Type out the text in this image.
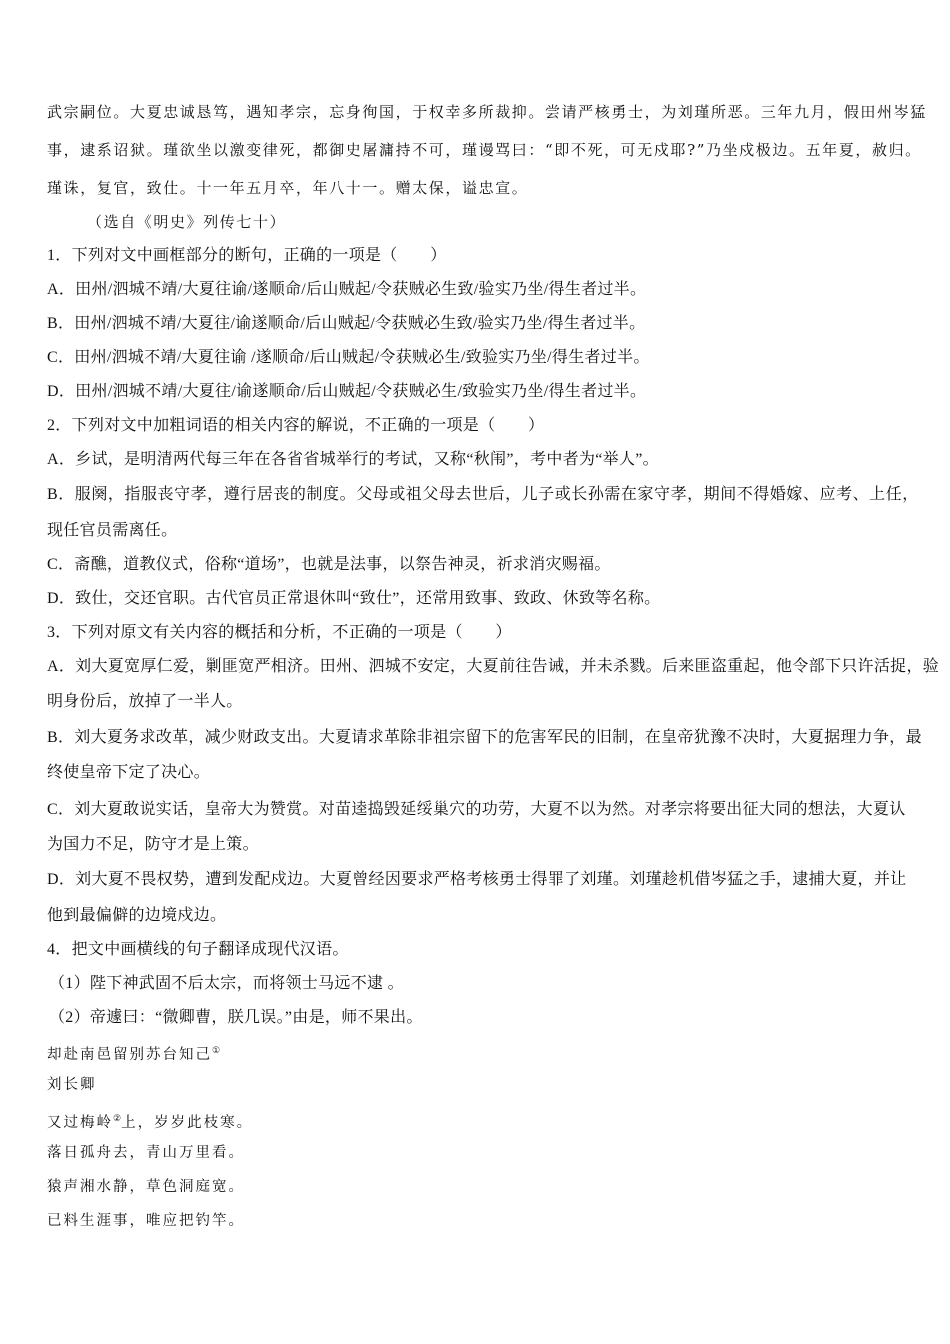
武宗嗣位。大夏忠诚恳笃，遇知孝宗，忘身徇国，于权幸多所裁抑。尝请严核勇士，为刘瑾所恶。三年九月，假田州岑猛
事，逮系诏狱。瑾欲坐以激变律死，都御史屠滽持不可，瑾谩骂曰：“即不死，可无戍耶?”乃坐戍极边。五年夏，赦归。
瑾诛，复官，致仕。十一年五月卒，年八十一。赠太保，谥忠宣。
（选自《明史》列传七十）
1．下列对文中画框部分的断句，正确的一项是（　　）
A．田州/泗城不靖/大夏往谕/遂顺命/后山贼起/令获贼必生致/验实乃坐/得生者过半。
B．田州/泗城不靖/大夏往/谕遂顺命/后山贼起/令获贼必生致/验实乃坐/得生者过半。
C．田州/泗城不靖/大夏往谕 /遂顺命/后山贼起/令获贼必生/致验实乃坐/得生者过半。
D．田州/泗城不靖/大夏往/谕遂顺命/后山贼起/令获贼必生/致验实乃坐/得生者过半。
2．下列对文中加粗词语的相关内容的解说，不正确的一项是（　　）
A．乡试，是明清两代每三年在各省省城举行的考试，又称“秋闱”，考中者为“举人”。
B．服阕，指服丧守孝，遵行居丧的制度。父母或祖父母去世后，儿子或长孙需在家守孝，期间不得婚嫁、应考、上任，
现任官员需离任。
C．斋醮，道教仪式，俗称“道场”，也就是法事，以祭告神灵，祈求消灾赐福。
D．致仕，交还官职。古代官员正常退休叫“致仕”，还常用致事、致政、休致等名称。
3．下列对原文有关内容的概括和分析，不正确的一项是（　　）
A．刘大夏宽厚仁爱，剿匪宽严相济。田州、泗城不安定，大夏前往告诫，并未杀戮。后来匪盗重起，他令部下只许活捉，验
明身份后，放掉了一半人。
B．刘大夏务求改革，减少财政支出。大夏请求革除非祖宗留下的危害军民的旧制，在皇帝犹豫不决时，大夏据理力争，最
终使皇帝下定了决心。
C．刘大夏敢说实话，皇帝大为赞赏。对苗逵捣毁延绥巢穴的功劳，大夏不以为然。对孝宗将要出征大同的想法，大夏认
为国力不足，防守才是上策。
D．刘大夏不畏权势，遭到发配戍边。大夏曾经因要求严格考核勇士得罪了刘瑾。刘瑾趁机借岑猛之手，逮捕大夏，并让
他到最偏僻的边境戍边。
4．把文中画横线的句子翻译成现代汉语。
（1）陛下神武固不后太宗，而将领士马远不逮 。
（2）帝遽曰：“微卿曹，朕几误。”由是，师不果出。
却赴南邑留别苏台知己①
刘长卿
又过梅岭②上，岁岁此枝寒。
落日孤舟去，青山万里看。
猿声湘水静，草色洞庭宽。
已料生涯事，唯应把钓竿。
